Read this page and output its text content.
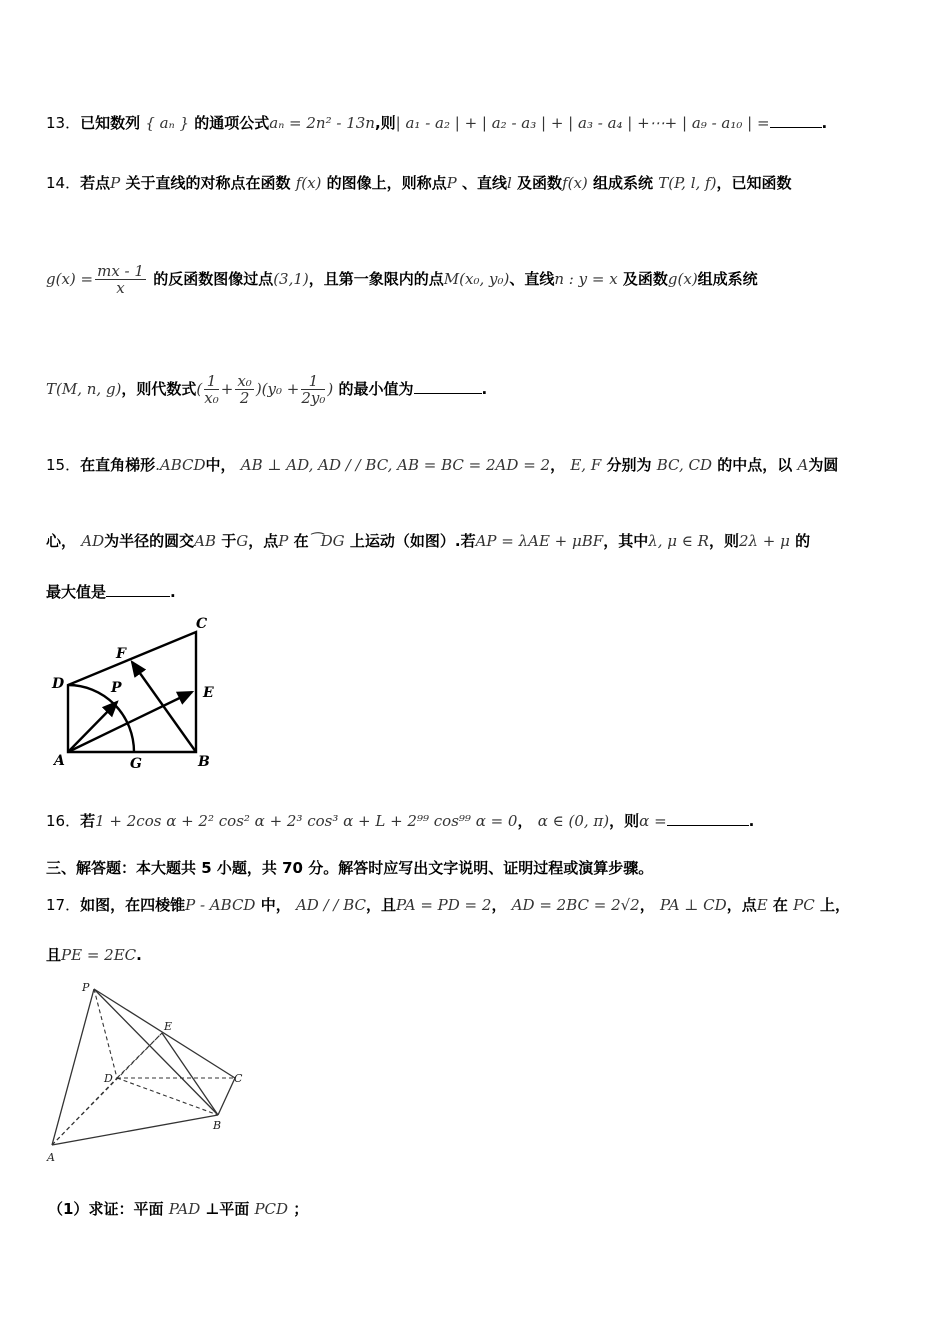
13．已知数列 { aₙ } 的通项公式aₙ = 2n² - 13n,则| a₁ - a₂ | + | a₂ - a₃ | + | a₃ - a₄ | +⋯+ | a₉ - a₁₀ | =	.
14．若点P 关于直线的对称点在函数 f(x) 的图像上，则称点P 、直线l 及函数f(x) 组成系统 T(P, l, f)，已知函数
$g(x) = \frac{mx - 1}{x}$ 的反函数图像过点(3,1)，且第一象限内的点M(x₀, y₀)、直线n : y = x 及函数g(x)组成系统
T(M, n, g)，则代数式( $\frac{1}{\text{x₀}} + \frac{\text{x₀}}{2} )(y_0 + \frac{1}{\text{2y₀}}$ ) 的最小值为	.
15．在直角梯形.ABCD中， AB ⊥ AD, AD / / BC, AB = BC = 2AD = 2， E, F 分别为 BC, CD 的中点，以 A为圆
心， AD为半径的圆交AB 于G，点P 在⁀DG 上运动（如图）.若AP = λAE + μBF，其中λ, μ ∈ R，则2λ + μ 的
最大值是	.
A	B
C
D
E
F
G
P
16．若1 + 2cos α + 2² cos² α + 2³ cos³ α + L + 2⁹⁹ cos⁹⁹ α = 0， α ∈ (0, π)，则α =	.
三、解答题：本大题共 5 小题，共 70 分。解答时应写出文字说明、证明过程或演算步骤。
17．如图，在四棱锥P - ABCD 中， AD / / BC，且PA = PD = 2， AD = 2BC = 2√2， PA ⊥ CD，点E 在 PC 上，
且PE = 2EC.
P
E
D	C
B
A
（1）求证：平面 PAD ⊥平面 PCD ；
